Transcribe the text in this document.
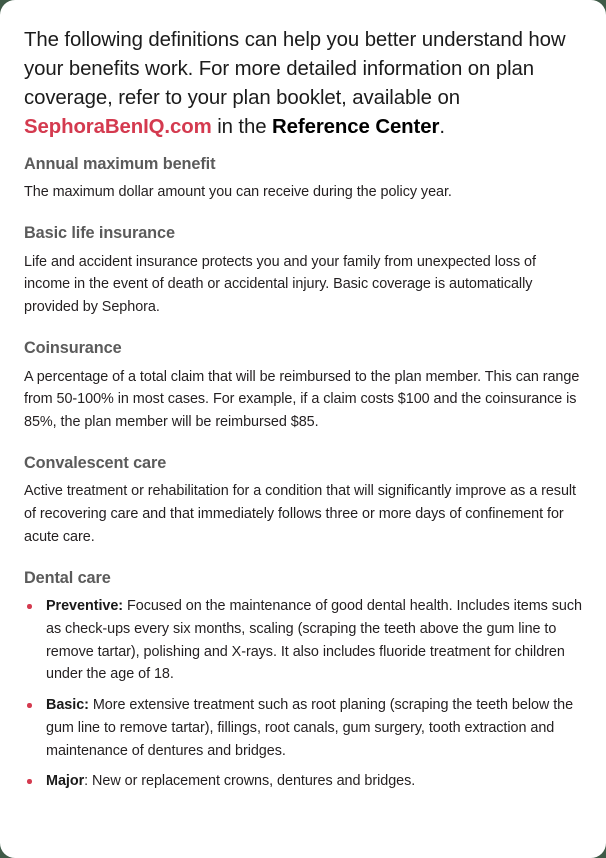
The following definitions can help you better understand how your benefits work. For more detailed information on plan coverage, refer to your plan booklet, available on SephoraBenIQ.com in the Reference Center.

Annual maximum benefit

The maximum dollar amount you can receive during the policy year.

Basic life insurance

Life and accident insurance protects you and your family from unexpected loss of income in the event of death or accidental injury. Basic coverage is automatically provided by Sephora.

Coinsurance

A percentage of a total claim that will be reimbursed to the plan member. This can range from 50-100% in most cases. For example, if a claim costs $100 and the coinsurance is 85%, the plan member will be reimbursed $85.

Convalescent care

Active treatment or rehabilitation for a condition that will significantly improve as a result of recovering care and that immediately follows three or more days of confinement for acute care.

Dental care
Preventive: Focused on the maintenance of good dental health. Includes items such as check-ups every six months, scaling (scraping the teeth above the gum line to remove tartar), polishing and X-rays. It also includes fluoride treatment for children under the age of 18.
Basic: More extensive treatment such as root planing (scraping the teeth below the gum line to remove tartar), fillings, root canals, gum surgery, tooth extraction and maintenance of dentures and bridges.
Major: New or replacement crowns, dentures and bridges.
